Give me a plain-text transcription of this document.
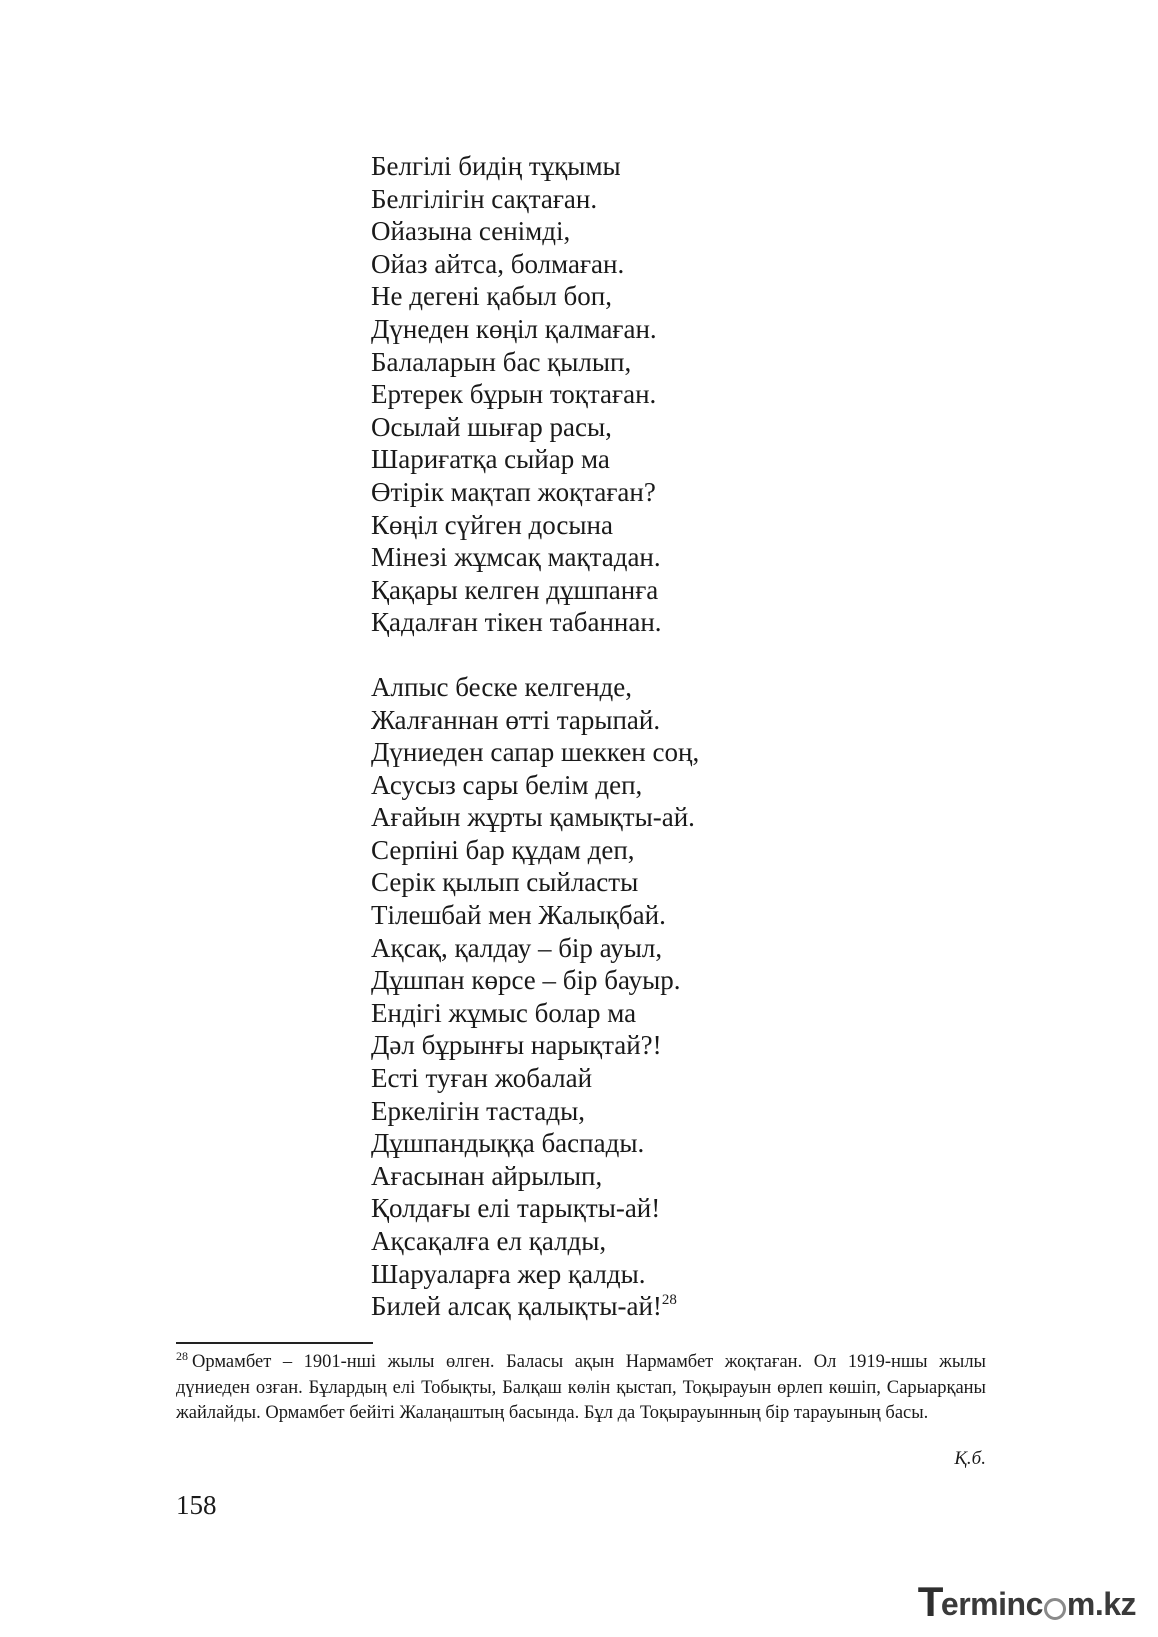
Белгілі бидің тұқымы
Белгілігін сақтаған.
Ойазына сенімді,
Ойаз айтса, болмаған.
Не дегені қабыл боп,
Дүнеден көңіл қалмаған.
Балаларын бас қылып,
Ертерек бұрын тоқтаған.
Осылай шығар расы,
Шариғатқа сыйар ма
Өтірік мақтап жоқтаған?
Көңіл сүйген досына
Мінезі жұмсақ мақтадан.
Қақары келген дұшпанға
Қадалған тікен табаннан.
Алпыс беске келгенде,
Жалғаннан өтті тарыпай.
Дүниеден сапар шеккен соң,
Асусыз сары белім деп,
Ағайын жұрты қамықты-ай.
Серпіні бар құдам деп,
Серік қылып сыйласты
Тілешбай мен Жалықбай.
Ақсақ, қалдау – бір ауыл,
Дұшпан көрсе – бір бауыр.
Ендігі жұмыс болар ма
Дәл бұрынғы нарықтай?!
Есті туған жобалай
Еркелігін тастады,
Дұшпандыққа баспады.
Ағасынан айрылып,
Қолдағы елі тарықты-ай!
Ақсақалға ел қалды,
Шаруаларға жер қалды.
Билей алсақ қалықты-ай!$^{28}$
$^{28}$ Ормамбет – 1901-нші жылы өлген. Баласы ақын Нармамбет жоқтаған. Ол 1919-ншы жылы дүниеден озған. Бұлардың елі Тобықты, Балқаш көлін қыстап, Тоқырауын өрлеп көшіп, Сарыарқаны жайлайды. Ормамбет бейіті Жалаңаштың басында. Бұл да Тоқырауынның бір тарауының басы.
Қ.б.
158
T
erminc m.kz
